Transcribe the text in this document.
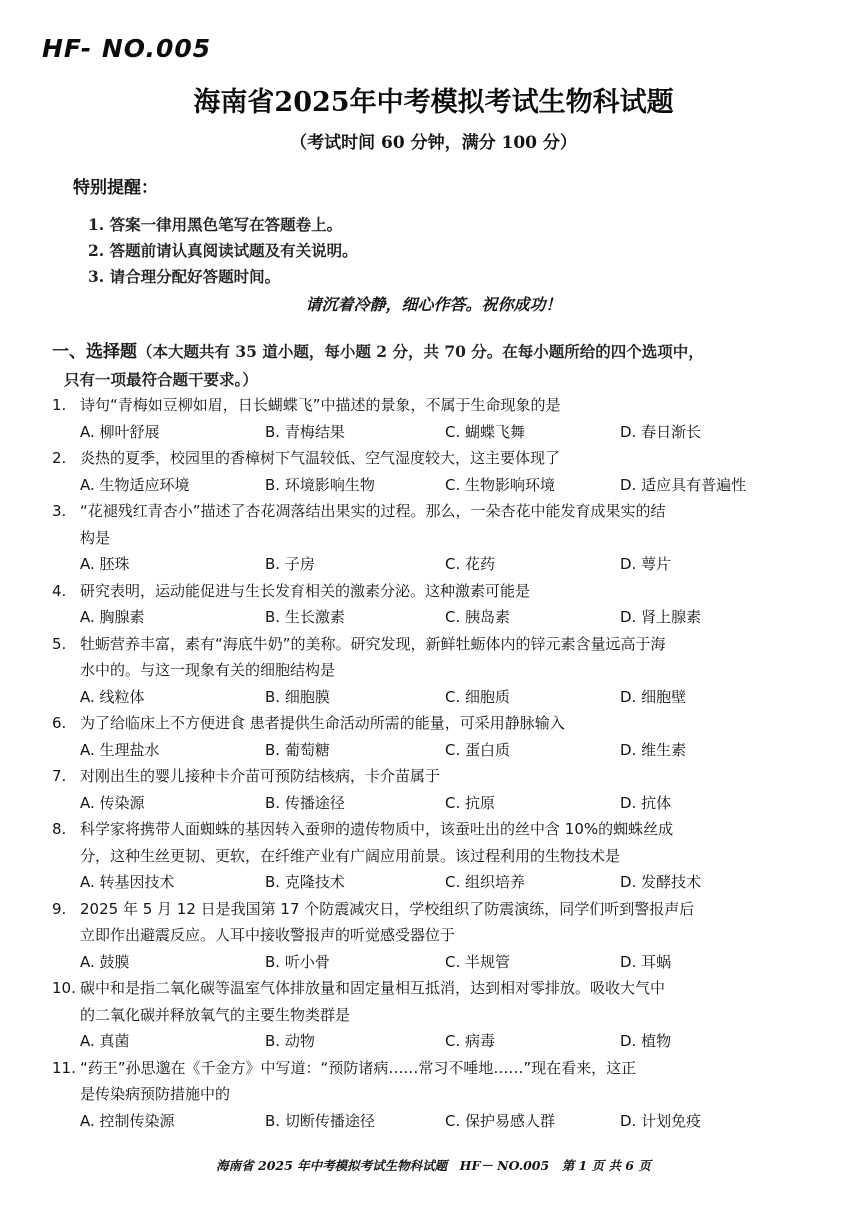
HF- NO.005
海南省2025年中考模拟考试生物科试题
（考试时间 60 分钟，满分 100 分）
特别提醒：
1. 答案一律用黑色笔写在答题卷上。
2. 答题前请认真阅读试题及有关说明。
3. 请合理分配好答题时间。
请沉着冷静，细心作答。祝你成功！
一、选择题（本大题共有 35 道小题，每小题 2 分，共 70 分。在每小题所给的四个选项中，
只有一项最符合题干要求。）
1. 诗句“青梅如豆柳如眉，日长蝴蝶飞”中描述的景象，不属于生命现象的是
A. 柳叶舒展	B. 青梅结果	C. 蝴蝶飞舞	D. 春日渐长
2. 炎热的夏季，校园里的香樟树下气温较低、空气湿度较大，这主要体现了
A. 生物适应环境	B. 环境影响生物	C. 生物影响环境	D. 适应具有普遍性
3. “花褪残红青杏小”描述了杏花凋落结出果实的过程。那么，一朵杏花中能发育成果实的结
构是
A. 胚珠	B. 子房	C. 花药	D. 萼片
4. 研究表明，运动能促进与生长发育相关的激素分泌。这种激素可能是
A. 胸腺素	B. 生长激素	C. 胰岛素	D. 肾上腺素
5. 牡蛎营养丰富，素有“海底牛奶”的美称。研究发现，新鲜牡蛎体内的锌元素含量远高于海
水中的。与这一现象有关的细胞结构是
A. 线粒体	B. 细胞膜	C. 细胞质	D. 细胞壁
6. 为了给临床上不方便进食 患者提供生命活动所需的能量，可采用静脉输入
A. 生理盐水	B. 葡萄糖	C. 蛋白质	D. 维生素
7. 对刚出生的婴儿接种卡介苗可预防结核病，卡介苗属于
A. 传染源	B. 传播途径	C. 抗原	D. 抗体
8. 科学家将携带人面蜘蛛的基因转入蚕卵的遗传物质中，该蚕吐出的丝中含 10%的蜘蛛丝成
分，这种生丝更韧、更软，在纤维产业有广阔应用前景。该过程利用的生物技术是
A. 转基因技术	B. 克隆技术	C. 组织培养	D. 发酵技术
9. 2025 年 5 月 12 日是我国第 17 个防震减灾日，学校组织了防震演练，同学们听到警报声后
立即作出避震反应。人耳中接收警报声的听觉感受器位于
A. 鼓膜	B. 听小骨	C. 半规管	D. 耳蜗
10. 碳中和是指二氧化碳等温室气体排放量和固定量相互抵消，达到相对零排放。吸收大气中
的二氧化碳并释放氧气的主要生物类群是
A. 真菌	B. 动物	C. 病毒	D. 植物
11. “药王”孙思邈在《千金方》中写道：“预防诸病……常习不唾地……”现在看来，这正
是传染病预防措施中的
A. 控制传染源	B. 切断传播途径	C. 保护易感人群	D. 计划免疫
海南省 2025 年中考模拟考试生物科试题　HF－ NO.005　第 1 页 共 6 页
